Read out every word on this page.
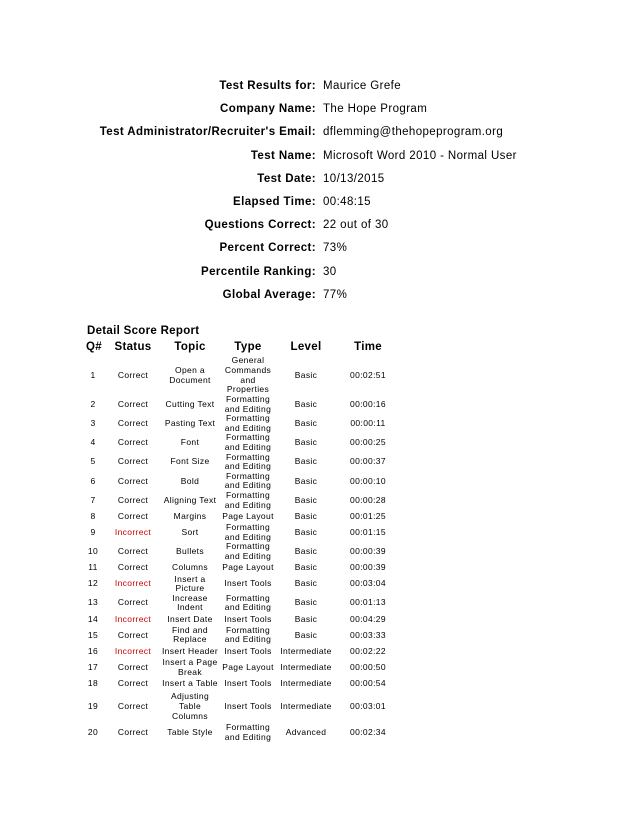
Test Results for: Maurice Grefe
Company Name: The Hope Program
Test Administrator/Recruiter's Email: dflemming@thehopeprogram.org
Test Name: Microsoft Word 2010 - Normal User
Test Date: 10/13/2015
Elapsed Time: 00:48:15
Questions Correct: 22 out of 30
Percent Correct: 73%
Percentile Ranking: 30
Global Average: 77%
Detail Score Report
Q#	Status	Topic	Type	Level	Time
1	Correct	Open a Document	General Commands and Properties	Basic	00:02:51
2	Correct	Cutting Text	Formatting and Editing	Basic	00:00:16
3	Correct	Pasting Text	Formatting and Editing	Basic	00:00:11
4	Correct	Font	Formatting and Editing	Basic	00:00:25
5	Correct	Font Size	Formatting and Editing	Basic	00:00:37
6	Correct	Bold	Formatting and Editing	Basic	00:00:10
7	Correct	Aligning Text	Formatting and Editing	Basic	00:00:28
8	Correct	Margins	Page Layout	Basic	00:01:25
9	Incorrect	Sort	Formatting and Editing	Basic	00:01:15
10	Correct	Bullets	Formatting and Editing	Basic	00:00:39
11	Correct	Columns	Page Layout	Basic	00:00:39
12	Incorrect	Insert a Picture	Insert Tools	Basic	00:03:04
13	Correct	Increase Indent	Formatting and Editing	Basic	00:01:13
14	Incorrect	Insert Date	Insert Tools	Basic	00:04:29
15	Correct	Find and Replace	Formatting and Editing	Basic	00:03:33
16	Incorrect	Insert Header	Insert Tools	Intermediate	00:02:22
17	Correct	Insert a Page Break	Page Layout	Intermediate	00:00:50
18	Correct	Insert a Table	Insert Tools	Intermediate	00:00:54
19	Correct	Adjusting Table Columns	Insert Tools	Intermediate	00:03:01
20	Correct	Table Style	Formatting and Editing	Advanced	00:02:34
